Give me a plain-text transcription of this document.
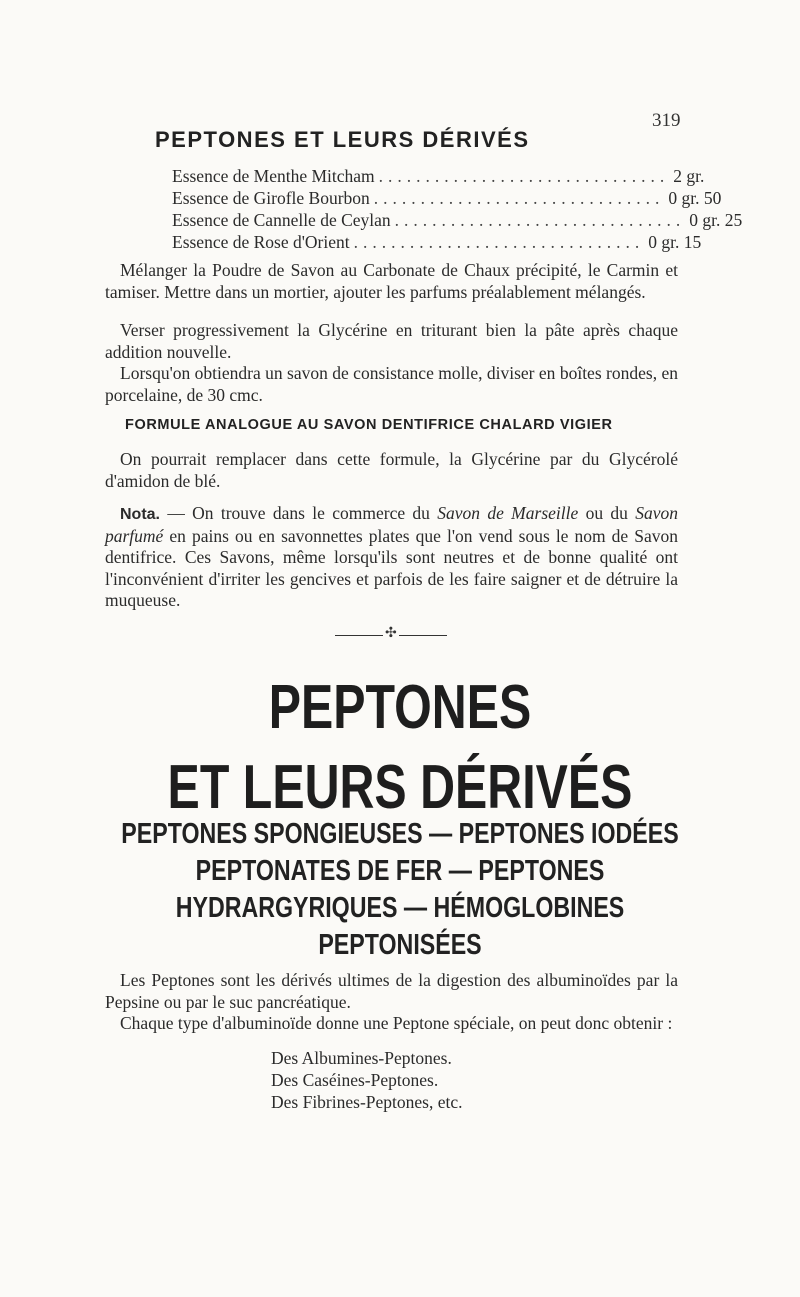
319
PEPTONES ET LEURS DÉRIVÉS
Essence de Menthe Mitcham ............................... 2 gr.
Essence de Girofle Bourbon ............................... 0 gr. 50
Essence de Cannelle de Ceylan ............................... 0 gr. 25
Essence de Rose d'Orient ............................... 0 gr. 15

Mélanger la Poudre de Savon au Carbonate de Chaux précipité, le Carmin et tamiser. Mettre dans un mortier, ajouter les parfums préalablement mélangés.

Verser progressivement la Glycérine en triturant bien la pâte après chaque addition nouvelle.

Lorsqu'on obtiendra un savon de consistance molle, diviser en boîtes rondes, en porcelaine, de 30 cmc.

FORMULE ANALOGUE AU SAVON DENTIFRICE CHALARD VIGIER

On pourrait remplacer dans cette formule, la Glycérine par du Glycérolé d'amidon de blé.

Nota. — On trouve dans le commerce du Savon de Marseille ou du Savon parfumé en pains ou en savonnettes plates que l'on vend sous le nom de Savon dentifrice. Ces Savons, même lorsqu'ils sont neutres et de bonne qualité ont l'inconvénient d'irriter les gencives et parfois de les faire saigner et de détruire la muqueuse.

✣
PEPTONES
ET LEURS DÉRIVÉS
PEPTONES SPONGIEUSES — PEPTONES IODÉES
PEPTONATES DE FER — PEPTONES
HYDRARGYRIQUES — HÉMOGLOBINES
PEPTONISÉES

Les Peptones sont les dérivés ultimes de la digestion des albuminoïdes par la Pepsine ou par le suc pancréatique.

Chaque type d'albuminoïde donne une Peptone spéciale, on peut donc obtenir :

Des Albumines-Peptones.
Des Caséines-Peptones.
Des Fibrines-Peptones, etc.
